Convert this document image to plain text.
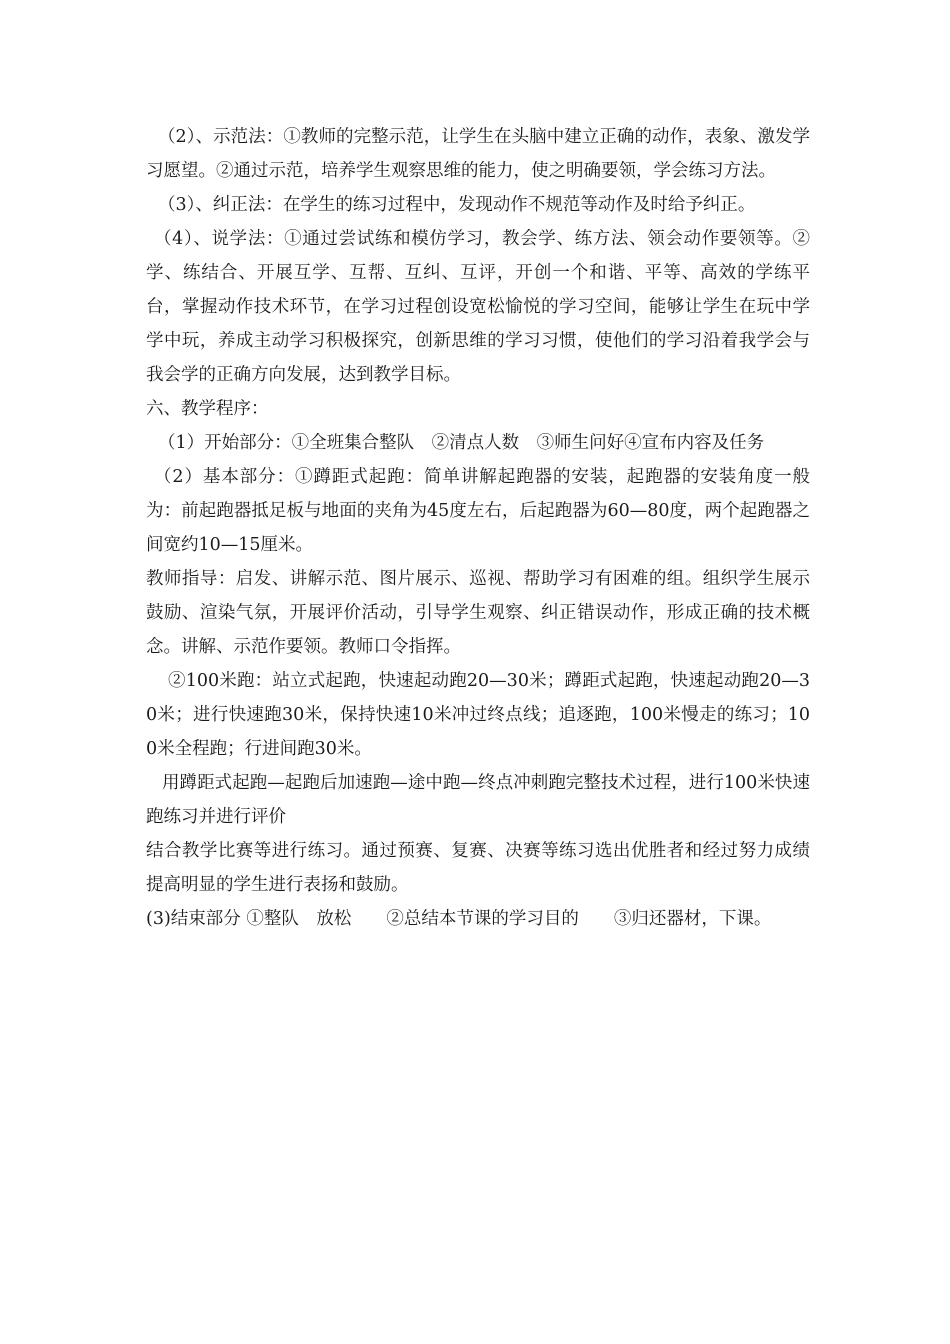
（2）、示范法：①教师的完整示范，让学生在头脑中建立正确的动作，表象、激发学习愿望。②通过示范，培养学生观察思维的能力，使之明确要领，学会练习方法。

（3）、纠正法：在学生的练习过程中，发现动作不规范等动作及时给予纠正。

（4）、说学法：①通过尝试练和模仿学习，教会学、练方法、领会动作要领等。②学、练结合、开展互学、互帮、互纠、互评，开创一个和谐、平等、高效的学练平台，掌握动作技术环节，在学习过程创设宽松愉悦的学习空间，能够让学生在玩中学学中玩，养成主动学习积极探究，创新思维的学习习惯，使他们的学习沿着我学会与我会学的正确方向发展，达到教学目标。

六、教学程序：

（1）开始部分：①全班集合整队　②清点人数　③师生问好④宣布内容及任务

（2）基本部分：①蹲距式起跑：简单讲解起跑器的安装，起跑器的安装角度一般为：前起跑器抵足板与地面的夹角为45度左右，后起跑器为60—80度，两个起跑器之间宽约10—15厘米。

教师指导：启发、讲解示范、图片展示、巡视、帮助学习有困难的组。组织学生展示鼓励、渲染气氛，开展评价活动，引导学生观察、纠正错误动作，形成正确的技术概念。讲解、示范作要领。教师口令指挥。

②100米跑：站立式起跑，快速起动跑20—30米；蹲距式起跑，快速起动跑20—30米；进行快速跑30米，保持快速10米冲过终点线；追逐跑，100米慢走的练习；100米全程跑；行进间跑30米。

用蹲距式起跑—起跑后加速跑—途中跑—终点冲刺跑完整技术过程，进行100米快速跑练习并进行评价

结合教学比赛等进行练习。通过预赛、复赛、决赛等练习选出优胜者和经过努力成绩提高明显的学生进行表扬和鼓励。

(3)结束部分 ①整队　放松　　②总结本节课的学习目的　　③归还器材，下课。
